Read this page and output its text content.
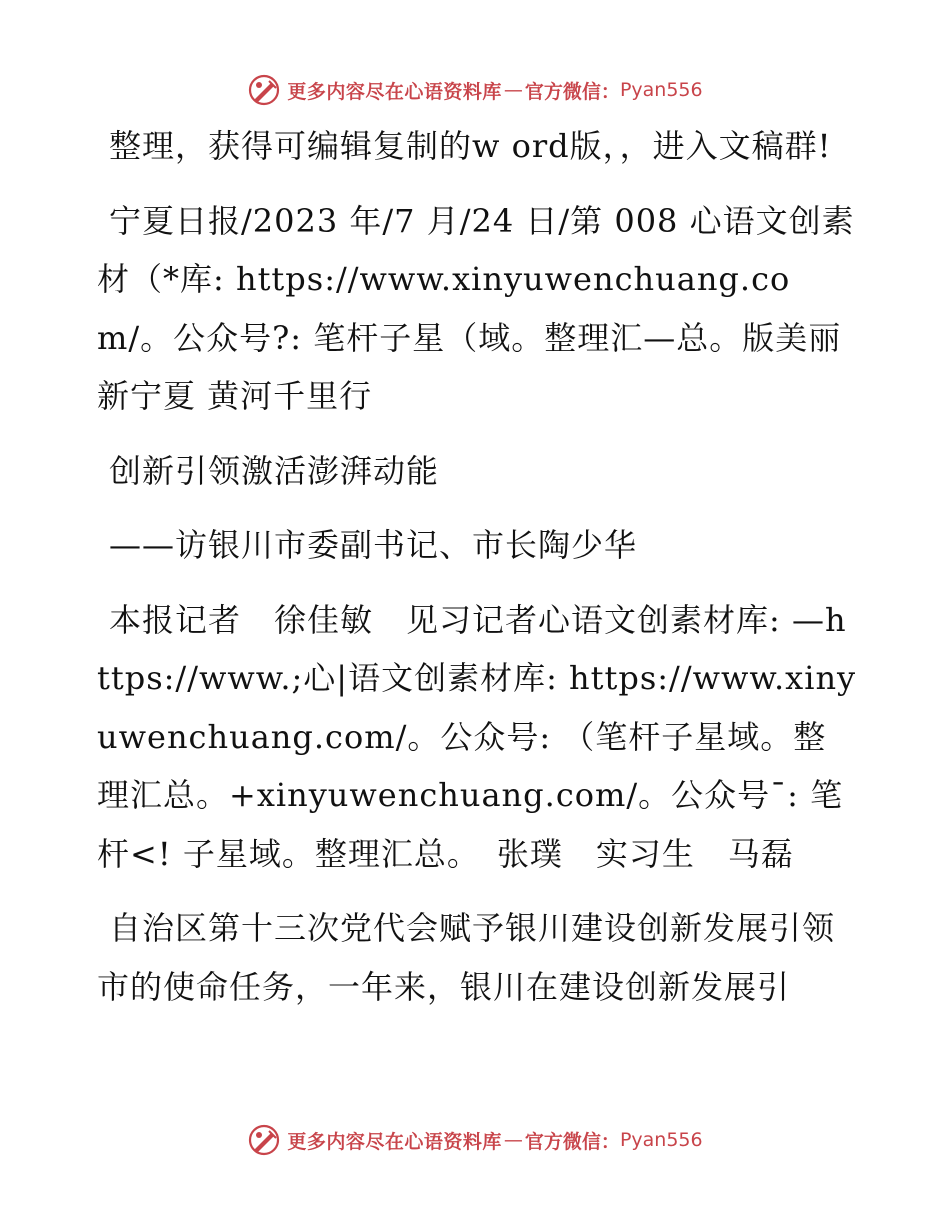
更多内容尽在心语资料库 — 官方微信： Pyan556

整理，获得可编辑复制的w ord版，，进入文稿群!

宁夏日报/2023 年/7 月/24 日/第 008 心语文创素材（*库: https://www.xinyuwenchuang.com/。公众号?: 笔杆子星（域。整理汇—总。版美丽新宁夏 黄河千里行

创新引领激活澎湃动能

——访银川市委副书记、市长陶少华

本报记者　徐佳敏　见习记者心语文创素材库: —https://www.;心|语文创素材库: https://www.xinyuwenchuang.com/。公众号: （笔杆子星域。整理汇总。+xinyuwenchuang.com/。公众号¯: 笔杆<! 子星域。整理汇总。　张璞　实习生　马磊

自治区第十三次党代会赋予银川建设创新发展引领市的使命任务，一年来，银川在建设创新发展引

更多内容尽在心语资料库 — 官方微信： Pyan556
